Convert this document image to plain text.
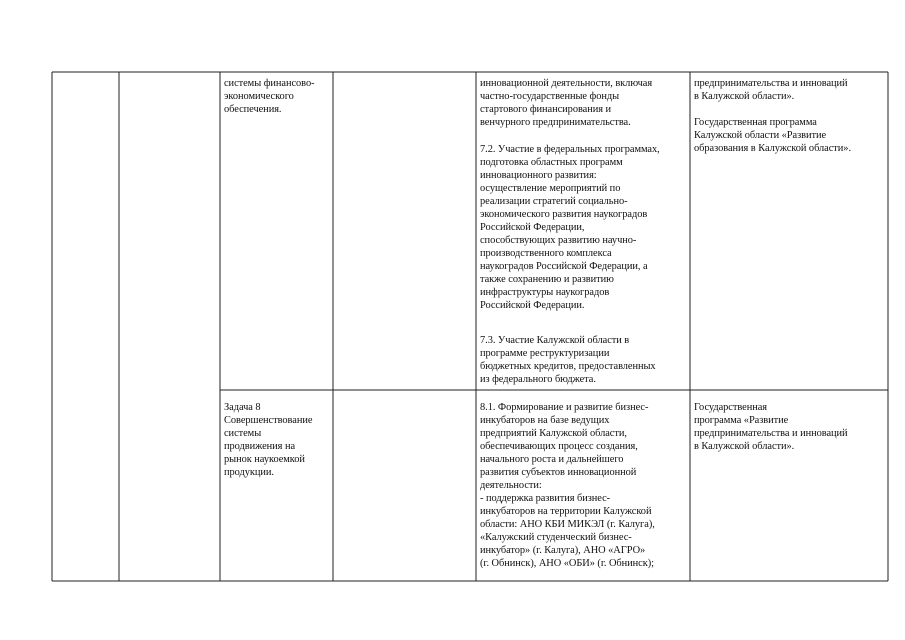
системы финансово-
экономического
обеспечения.
инновационной деятельности, включая
частно-государственные фонды
стартового финансирования и
венчурного предпринимательства.
7.2. Участие в федеральных программах,
подготовка областных программ
инновационного развития:
осуществление мероприятий по
реализации стратегий социально-
экономического развития наукоградов
Российской Федерации,
способствующих развитию научно-
производственного комплекса
наукоградов Российской Федерации, а
также сохранению и развитию
инфраструктуры наукоградов
Российской Федерации.
7.3. Участие Калужской области в
программе реструктуризации
бюджетных кредитов, предоставленных
из федерального бюджета.
предпринимательства и инноваций
в Калужской области».
Государственная программа
Калужской области «Развитие
образования в Калужской области».
Задача 8
Совершенствование
системы
продвижения на
рынок наукоемкой
продукции.
8.1. Формирование и развитие бизнес-
инкубаторов на базе ведущих
предприятий Калужской области,
обеспечивающих процесс создания,
начального роста и дальнейшего
развития субъектов инновационной
деятельности:
- поддержка развития бизнес-
инкубаторов на территории Калужской
области: АНО КБИ МИКЭЛ (г. Калуга),
«Калужский студенческий бизнес-
инкубатор» (г. Калуга), АНО «АГРО»
(г. Обнинск), АНО «ОБИ» (г. Обнинск);
Государственная
программа «Развитие
предпринимательства и инноваций
в Калужской области».
